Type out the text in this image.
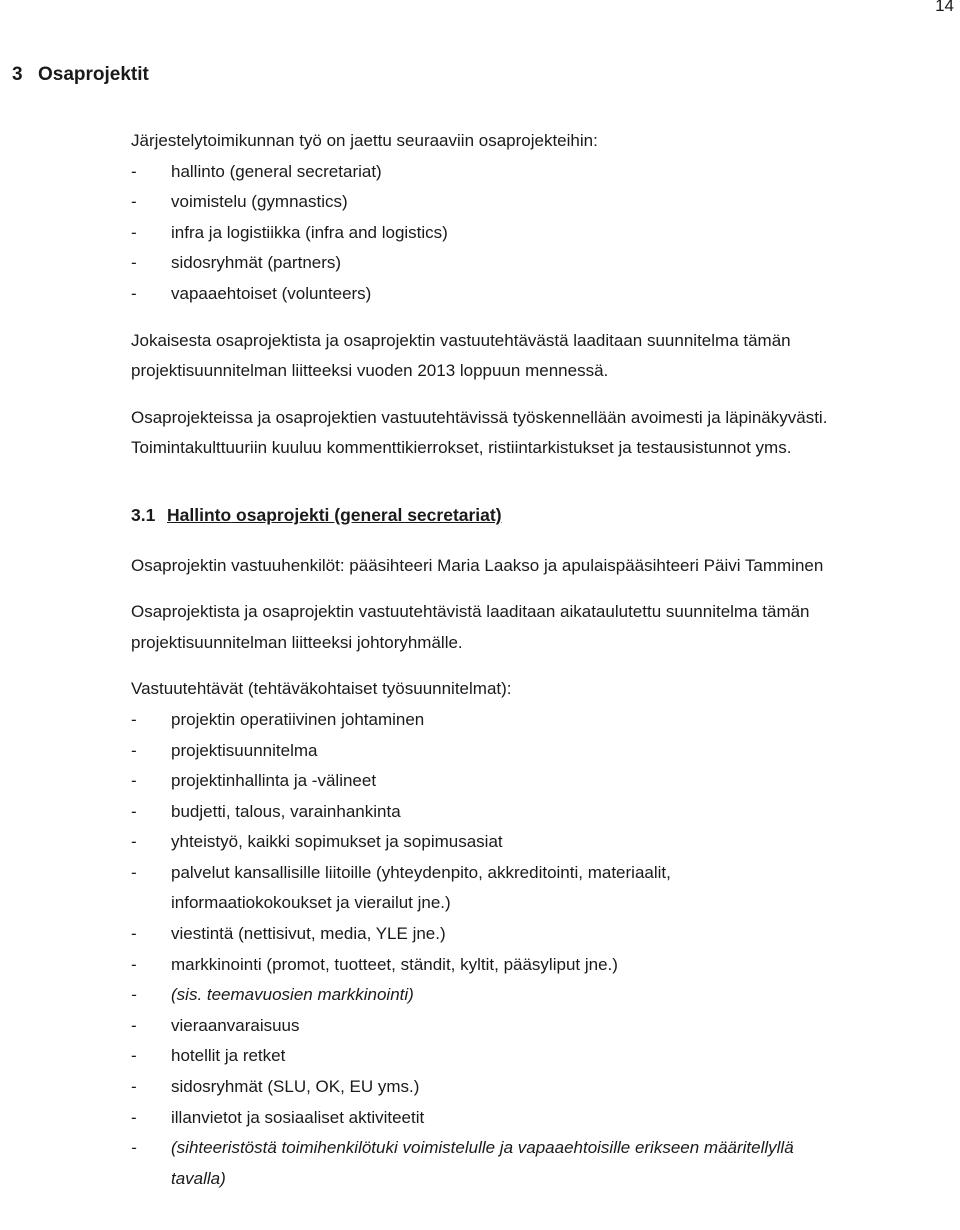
14
3 Osaprojektit

Järjestelytoimikunnan työ on jaettu seuraaviin osaprojekteihin:

- hallinto (general secretariat)
- voimistelu (gymnastics)
- infra ja logistiikka (infra and logistics)
- sidosryhmät (partners)
- vapaaehtoiset (volunteers)

Jokaisesta osaprojektista ja osaprojektin vastuutehtävästä laaditaan suunnitelma tämän

projektisuunnitelman liitteeksi vuoden 2013 loppuun mennessä.

Osaprojekteissa ja osaprojektien vastuutehtävissä työskennellään avoimesti ja läpinäkyvästi.

Toimintakulttuuriin kuuluu kommenttikierrokset, ristiintarkistukset ja testausistunnot yms.

3.1 Hallinto osaprojekti (general secretariat)

Osaprojektin vastuuhenkilöt: pääsihteeri Maria Laakso ja apulaispääsihteeri Päivi Tamminen

Osaprojektista ja osaprojektin vastuutehtävistä laaditaan aikataulutettu suunnitelma tämän

projektisuunnitelman liitteeksi johtoryhmälle.

Vastuutehtävät (tehtäväkohtaiset työsuunnitelmat):

- projektin operatiivinen johtaminen
- projektisuunnitelma
- projektinhallinta ja -välineet
- budjetti, talous, varainhankinta
- yhteistyö, kaikki sopimukset ja sopimusasiat
- palvelut kansallisille liitoille (yhteydenpito, akkreditointi, materiaalit,
informaatiokokoukset ja vierailut jne.)
- viestintä (nettisivut, media, YLE jne.)
- markkinointi (promot, tuotteet, ständit, kyltit, pääsyliput jne.)
- (sis. teemavuosien markkinointi)
- vieraanvaraisuus
- hotellit ja retket
- sidosryhmät (SLU, OK, EU yms.)
- illanvietot ja sosiaaliset aktiviteetit
- (sihteeristöstä toimihenkilötuki voimistelulle ja vapaaehtoisille erikseen määritellyllä
tavalla)
